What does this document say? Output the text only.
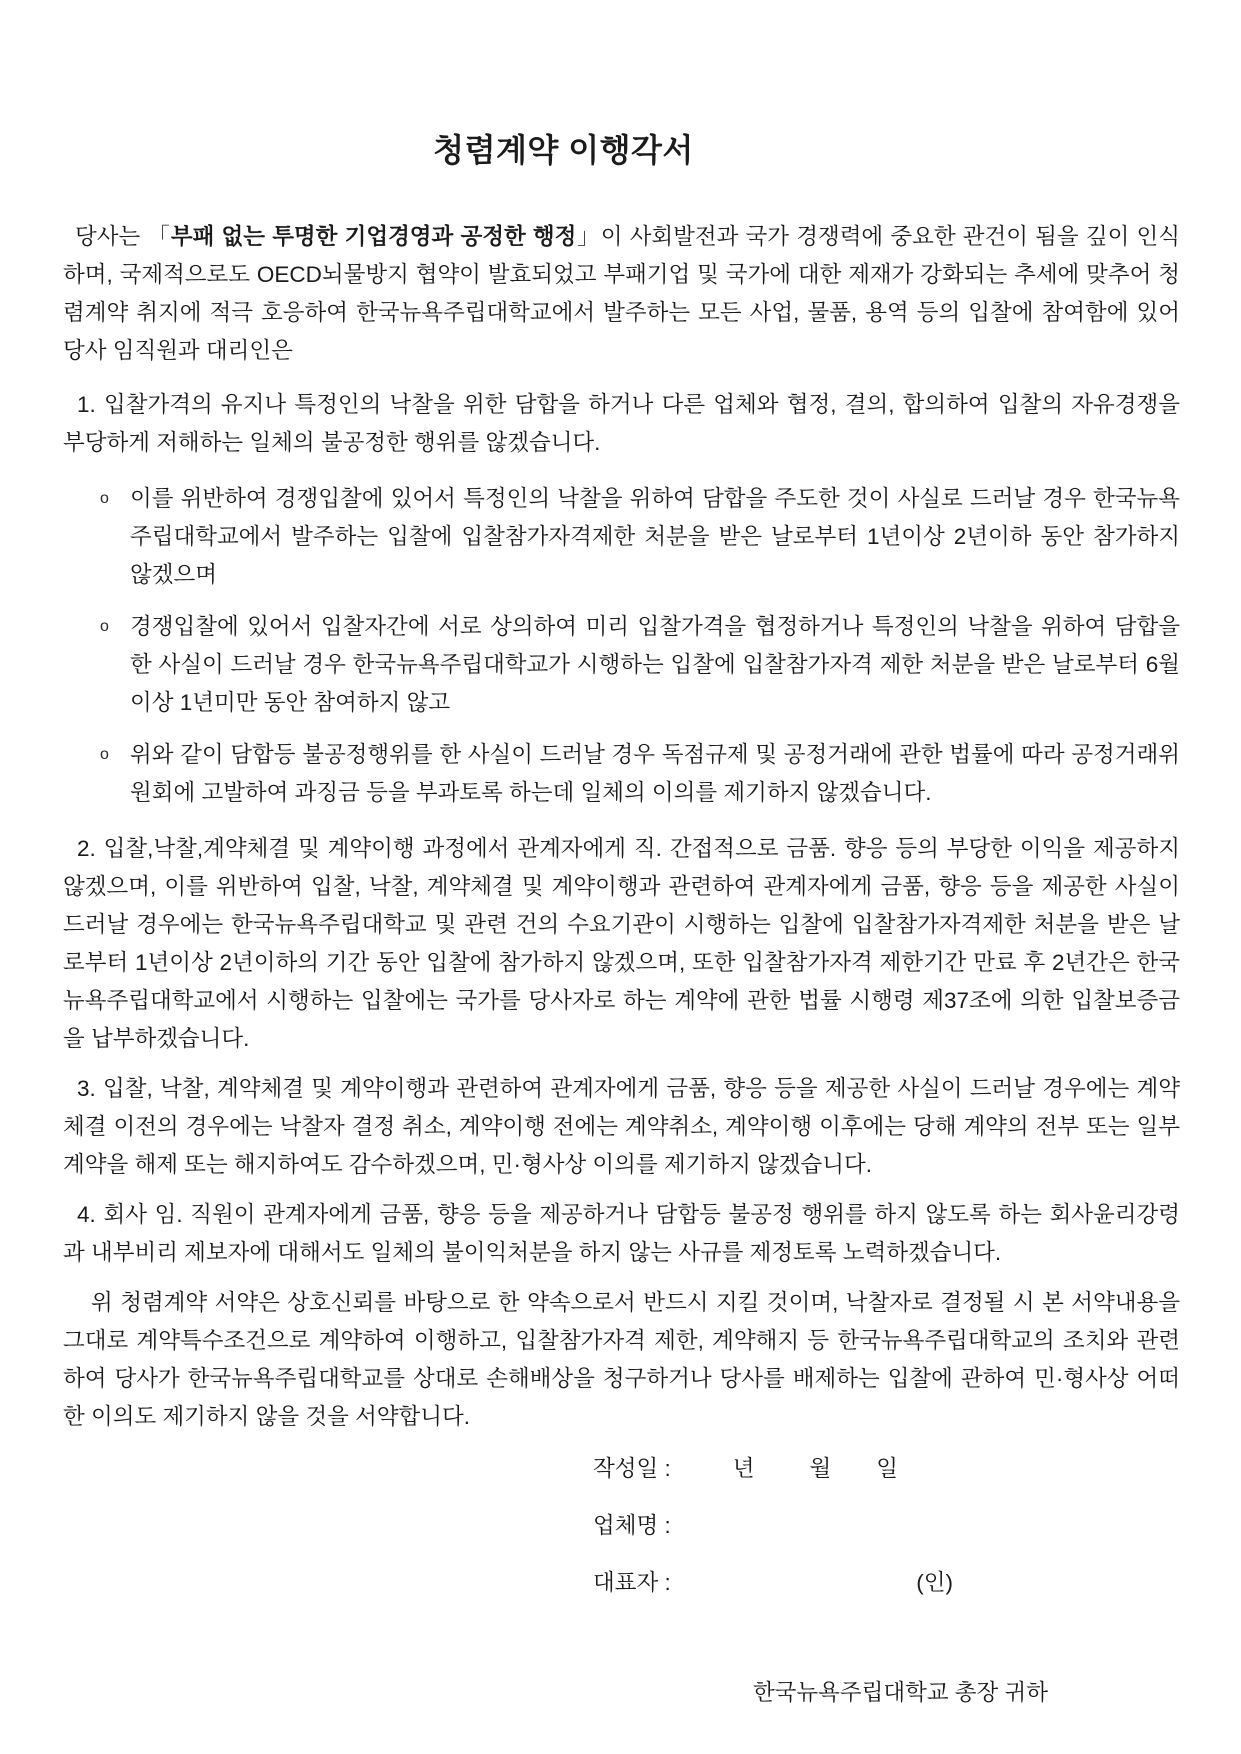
청렴계약 이행각서

당사는 「부패 없는 투명한 기업경영과 공정한 행정」이 사회발전과 국가 경쟁력에 중요한 관건이 됨을 깊이 인식하며, 국제적으로도 OECD뇌물방지 협약이 발효되었고 부패기업 및 국가에 대한 제재가 강화되는 추세에 맞추어 청렴계약 취지에 적극 호응하여 한국뉴욕주립대학교에서 발주하는 모든 사업, 물품, 용역 등의 입찰에 참여함에 있어 당사 임직원과 대리인은

1. 입찰가격의 유지나 특정인의 낙찰을 위한 담합을 하거나 다른 업체와 협정, 결의, 합의하여 입찰의 자유경쟁을 부당하게 저해하는 일체의 불공정한 행위를 않겠습니다.

o 이를 위반하여 경쟁입찰에 있어서 특정인의 낙찰을 위하여 담합을 주도한 것이 사실로 드러날 경우 한국뉴욕주립대학교에서 발주하는 입찰에 입찰참가자격제한 처분을 받은 날로부터 1년이상 2년이하 동안 참가하지 않겠으며
o 경쟁입찰에 있어서 입찰자간에 서로 상의하여 미리 입찰가격을 협정하거나 특정인의 낙찰을 위하여 담합을 한 사실이 드러날 경우 한국뉴욕주립대학교가 시행하는 입찰에 입찰참가자격 제한 처분을 받은 날로부터 6월이상 1년미만 동안 참여하지 않고
o 위와 같이 담합등 불공정행위를 한 사실이 드러날 경우 독점규제 및 공정거래에 관한 법률에 따라 공정거래위원회에 고발하여 과징금 등을 부과토록 하는데 일체의 이의를 제기하지 않겠습니다.

2. 입찰,낙찰,계약체결 및 계약이행 과정에서 관계자에게 직. 간접적으로 금품. 향응 등의 부당한 이익을 제공하지 않겠으며, 이를 위반하여 입찰, 낙찰, 계약체결 및 계약이행과 관련하여 관계자에게 금품, 향응 등을 제공한 사실이 드러날 경우에는 한국뉴욕주립대학교 및 관련 건의 수요기관이 시행하는 입찰에 입찰참가자격제한 처분을 받은 날로부터 1년이상 2년이하의 기간 동안 입찰에 참가하지 않겠으며, 또한 입찰참가자격 제한기간 만료 후 2년간은 한국뉴욕주립대학교에서 시행하는 입찰에는 국가를 당사자로 하는 계약에 관한 법률 시행령 제37조에 의한 입찰보증금을 납부하겠습니다.

3. 입찰, 낙찰, 계약체결 및 계약이행과 관련하여 관계자에게 금품, 향응 등을 제공한 사실이 드러날 경우에는 계약체결 이전의 경우에는 낙찰자 결정 취소, 계약이행 전에는 계약취소, 계약이행 이후에는 당해 계약의 전부 또는 일부계약을 해제 또는 해지하여도 감수하겠으며, 민·형사상 이의를 제기하지 않겠습니다.

4. 회사 임. 직원이 관계자에게 금품, 향응 등을 제공하거나 담합등 불공정 행위를 하지 않도록 하는 회사윤리강령과 내부비리 제보자에 대해서도 일체의 불이익처분을 하지 않는 사규를 제정토록 노력하겠습니다.

위 청렴계약 서약은 상호신뢰를 바탕으로 한 약속으로서 반드시 지킬 것이며, 낙찰자로 결정될 시 본 서약내용을 그대로 계약특수조건으로 계약하여 이행하고, 입찰참가자격 제한, 계약해지 등 한국뉴욕주립대학교의 조치와 관련하여 당사가 한국뉴욕주립대학교를 상대로 손해배상을 청구하거나 당사를 배제하는 입찰에 관하여 민·형사상 어떠한 이의도 제기하지 않을 것을 서약합니다.

작성일 :	년 월 일
업체명 :
대표자 :	(인)
한국뉴욕주립대학교 총장 귀하
